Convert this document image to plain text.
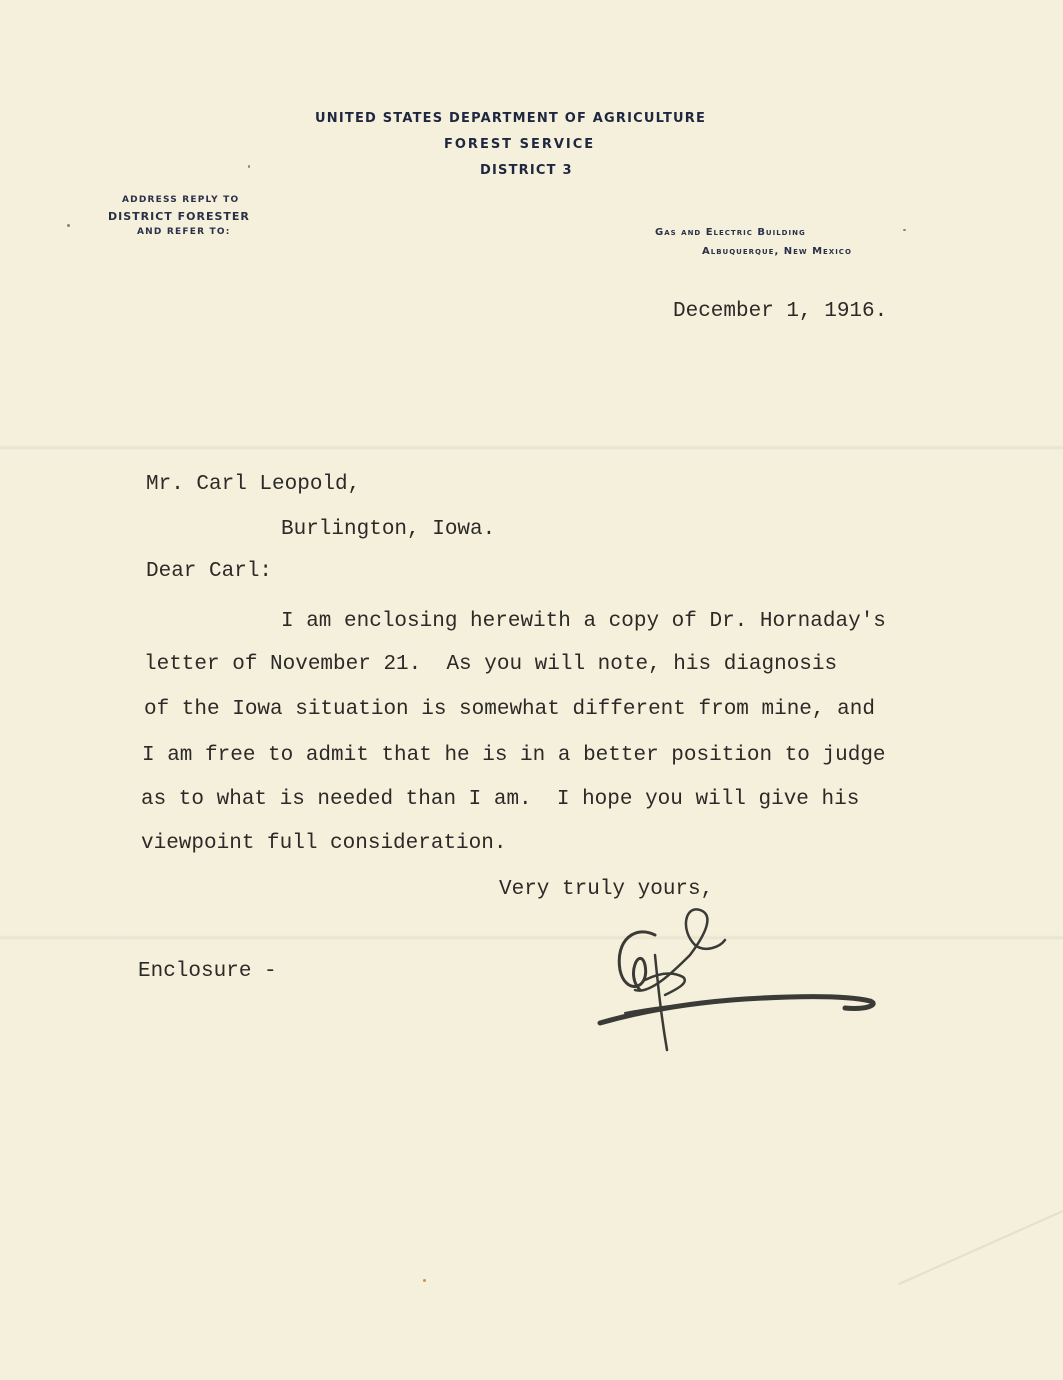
UNITED STATES DEPARTMENT OF AGRICULTURE
FOREST SERVICE
DISTRICT 3
ADDRESS REPLY TO
DISTRICT FORESTER
AND REFER TO:	Gas and Electric Building
Albuquerque, New Mexico
December 1, 1916.
Mr. Carl Leopold,
Burlington, Iowa.
Dear Carl:
I am enclosing herewith a copy of Dr. Hornaday's
letter of November 21.  As you will note, his diagnosis
of the Iowa situation is somewhat different from mine, and
I am free to admit that he is in a better position to judge
as to what is needed than I am.  I hope you will give his
viewpoint full consideration.
Very truly yours,
Enclosure -
